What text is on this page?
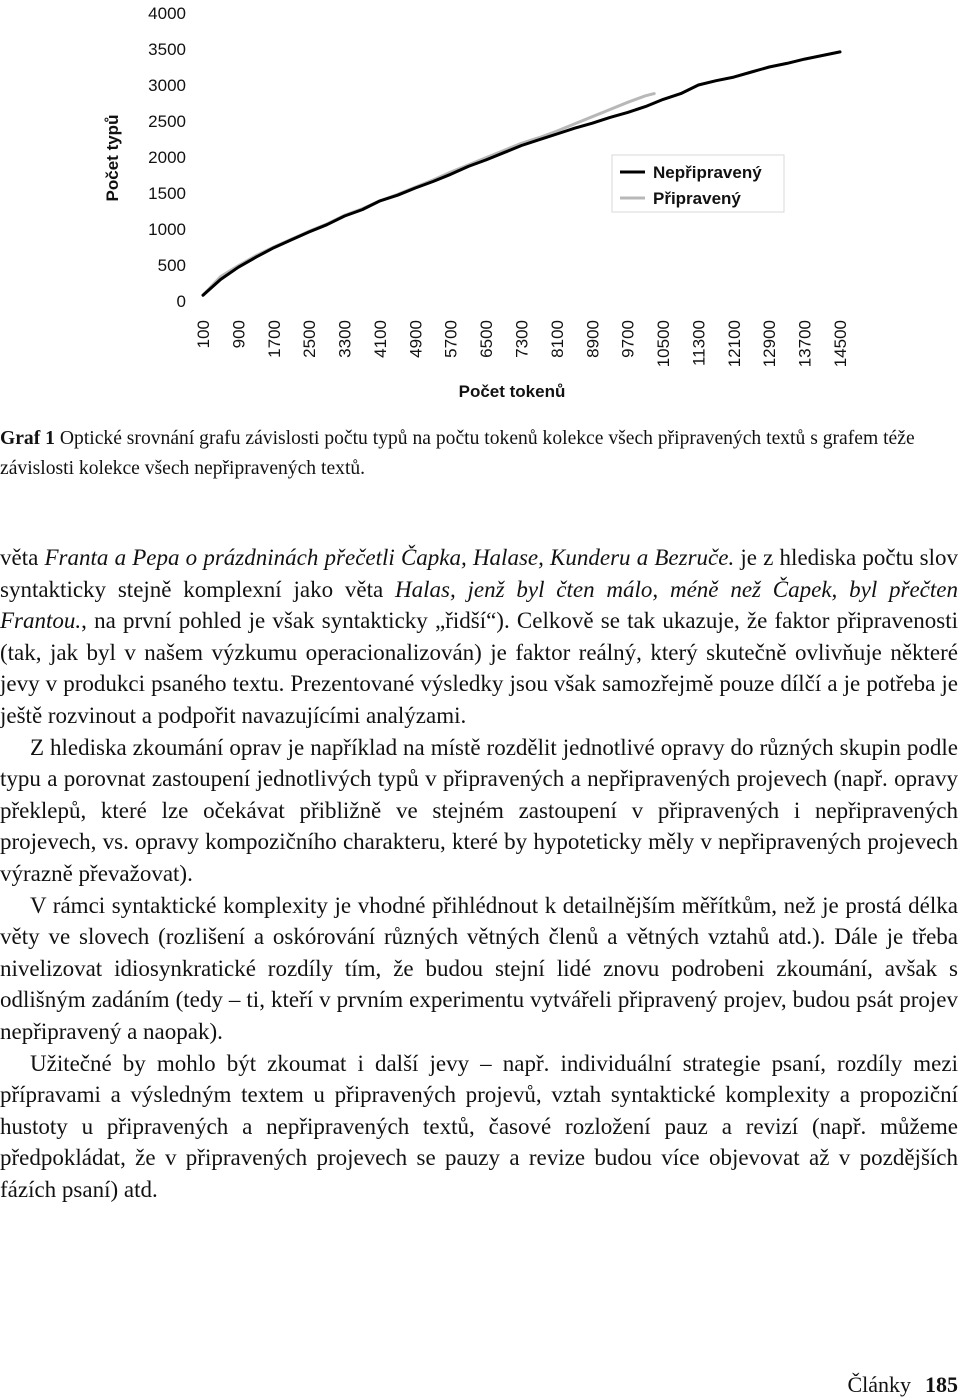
0
500
1000
1500
2000
2500
3000
3500
4000
100 900 1700 2500 3300 4100 4900 5700 6500 7300 8100 8900 9700 10500 11300 12100 12900 13700 14500
Počet typů
Počet tokenů
Nepřipravený
Připravený

Graf 1 Optické srovnání grafu závislosti počtu typů na počtu tokenů kolekce všech připravených textů s grafem téže závislosti kolekce všech nepřipravených textů.

věta Franta a Pepa o prázdninách přečetli Čapka, Halase, Kunderu a Bezruče. je z hlediska počtu slov syntakticky stejně komplexní jako věta Halas, jenž byl čten málo, méně než Čapek, byl přečten Frantou., na první pohled je však syntakticky „řidší“). Celkově se tak ukazuje, že faktor připravenosti (tak, jak byl v našem výzkumu operacionalizován) je faktor reálný, který skutečně ovlivňuje některé jevy v produkci psaného textu. Prezentované výsledky jsou však samozřejmě pouze dílčí a je potřeba je ještě rozvinout a podpořit navazujícími analýzami.

Z hlediska zkoumání oprav je například na místě rozdělit jednotlivé opravy do různých skupin podle typu a porovnat zastoupení jednotlivých typů v připravených a nepřipravených projevech (např. opravy překlepů, které lze očekávat přibližně ve stejném zastoupení v připravených i nepřipravených projevech, vs. opravy kompozičního charakteru, které by hypoteticky měly v nepřipravených projevech výrazně převažovat).

V rámci syntaktické komplexity je vhodné přihlédnout k detailnějším měřítkům, než je prostá délka věty ve slovech (rozlišení a oskórování různých větných členů a větných vztahů atd.). Dále je třeba nivelizovat idiosynkratické rozdíly tím, že budou stejní lidé znovu podrobeni zkoumání, avšak s odlišným zadáním (tedy – ti, kteří v prvním experimentu vytvářeli připravený projev, budou psát projev nepřipravený a naopak).

Užitečné by mohlo být zkoumat i další jevy – např. individuální strategie psaní, rozdíly mezi přípravami a výsledným textem u připravených projevů, vztah syntaktické komplexity a propoziční hustoty u připravených a nepřipravených textů, časové rozložení pauz a revizí (např. můžeme předpokládat, že v připravených projevech se pauzy a revize budou více objevovat až v pozdějších fázích psaní) atd.

Články 185
